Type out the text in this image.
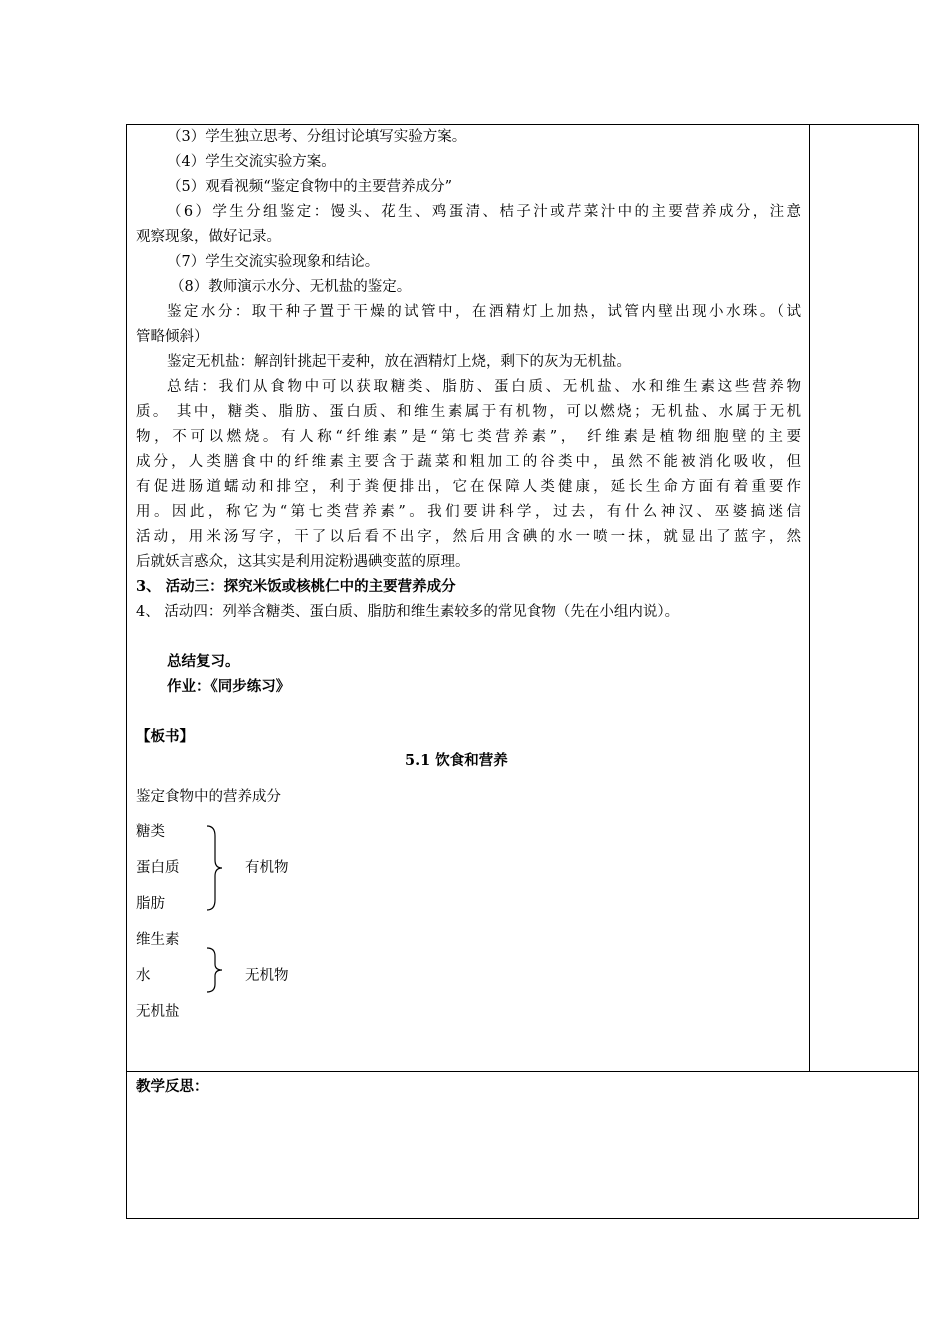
（3）学生独立思考、分组讨论填写实验方案。
（4）学生交流实验方案。
（5）观看视频“鉴定食物中的主要营养成分”
（6）学生分组鉴定：馒头、花生、鸡蛋清、桔子汁或芹菜汁中的主要营养成分，注意
观察现象，做好记录。
（7）学生交流实验现象和结论。
（8）教师演示水分、无机盐的鉴定。
鉴定水分：取干种子置于干燥的试管中，在酒精灯上加热，试管内壁出现小水珠。（试
管略倾斜）
鉴定无机盐：解剖针挑起干麦种，放在酒精灯上烧，剩下的灰为无机盐。
总结：我们从食物中可以获取糖类、脂肪、蛋白质、无机盐、水和维生素这些营养物
质。 其中，糖类、脂肪、蛋白质、和维生素属于有机物，可以燃烧；无机盐、水属于无机
物，不可以燃烧。有人称“纤维素”是“第七类营养素”， 纤维素是植物细胞壁的主要
成分，人类膳食中的纤维素主要含于蔬菜和粗加工的谷类中，虽然不能被消化吸收，但
有促进肠道蠕动和排空，利于粪便排出，它在保障人类健康，延长生命方面有着重要作
用。因此，称它为“第七类营养素”。我们要讲科学，过去，有什么神汉、巫婆搞迷信
活动，用米汤写字，干了以后看不出字，然后用含碘的水一喷一抹，就显出了蓝字，然
后就妖言惑众，这其实是利用淀粉遇碘变蓝的原理。
3、 活动三：探究米饭或核桃仁中的主要营养成分
4、 活动四：列举含糖类、蛋白质、脂肪和维生素较多的常见食物（先在小组内说）。
总结复习。
作业：《同步练习》
【板书】
5.1 饮食和营养
鉴定食物中的营养成分
糖类
蛋白质
脂肪
有机物
维生素
水
无机盐
无机物
教学反思：
